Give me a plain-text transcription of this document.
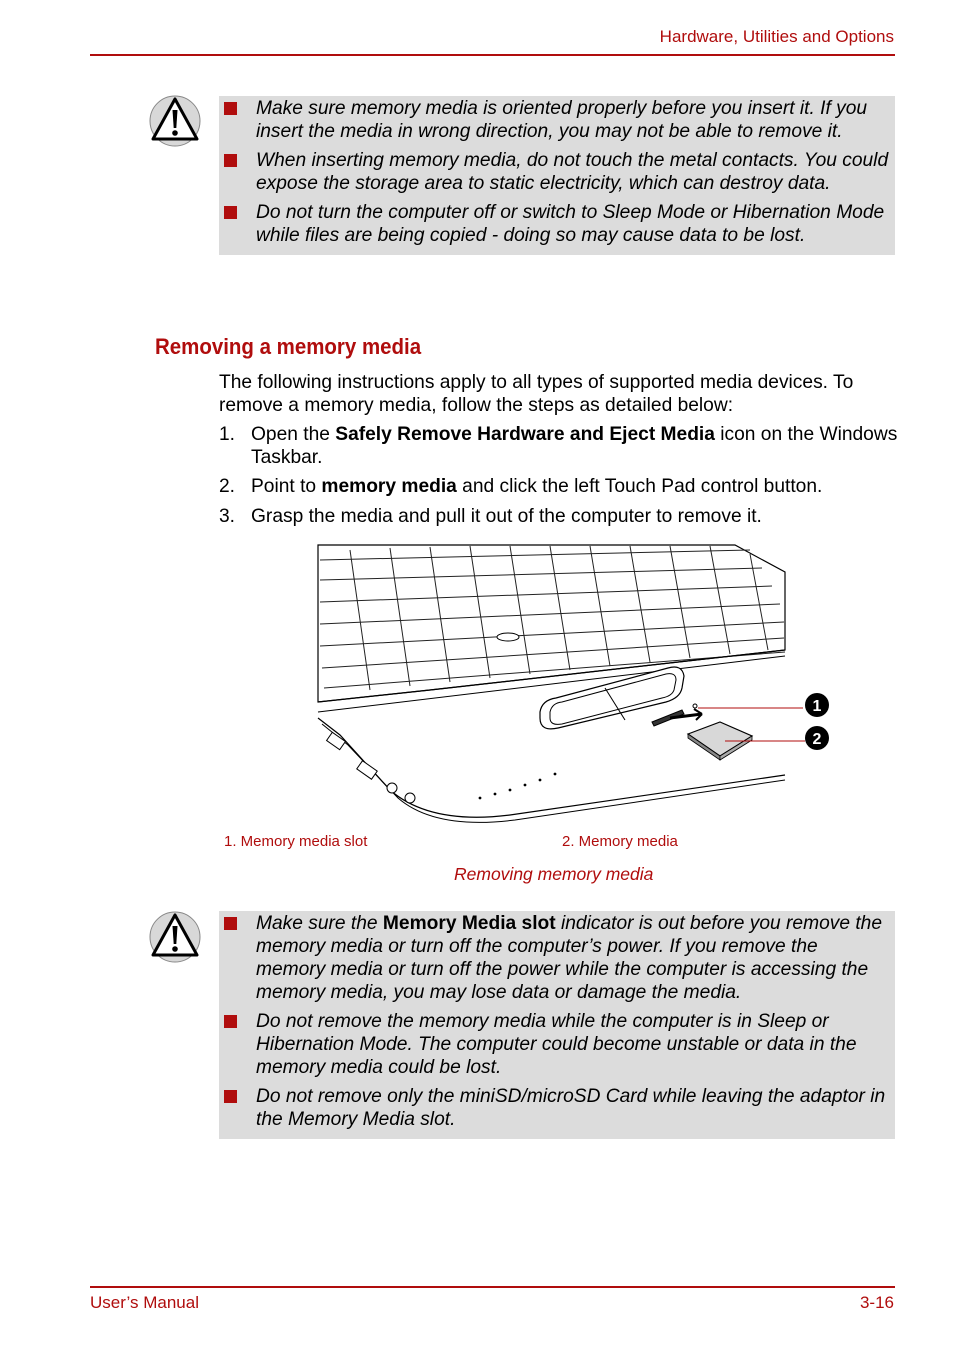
Hardware, Utilities and Options
Make sure memory media is oriented properly before you insert it. If you insert the media in wrong direction, you may not be able to remove it.
When inserting memory media, do not touch the metal contacts. You could expose the storage area to static electricity, which can destroy data.
Do not turn the computer off or switch to Sleep Mode or Hibernation Mode while files are being copied - doing so may cause data to be lost.
Removing a memory media
The following instructions apply to all types of supported media devices. To remove a memory media, follow the steps as detailed below:
1. Open the Safely Remove Hardware and Eject Media icon on the Windows Taskbar.
2. Point to memory media and click the left Touch Pad control button.
3. Grasp the media and pull it out of the computer to remove it.
1
2
1. Memory media slot	2. Memory media
Removing memory media
Make sure the Memory Media slot indicator is out before you remove the memory media or turn off the computer’s power. If you remove the memory media or turn off the power while the computer is accessing the memory media, you may lose data or damage the media.
Do not remove the memory media while the computer is in Sleep or Hibernation Mode. The computer could become unstable or data in the memory media could be lost.
Do not remove only the miniSD/microSD Card while leaving the adaptor in the Memory Media slot.
User’s Manual	3-16
